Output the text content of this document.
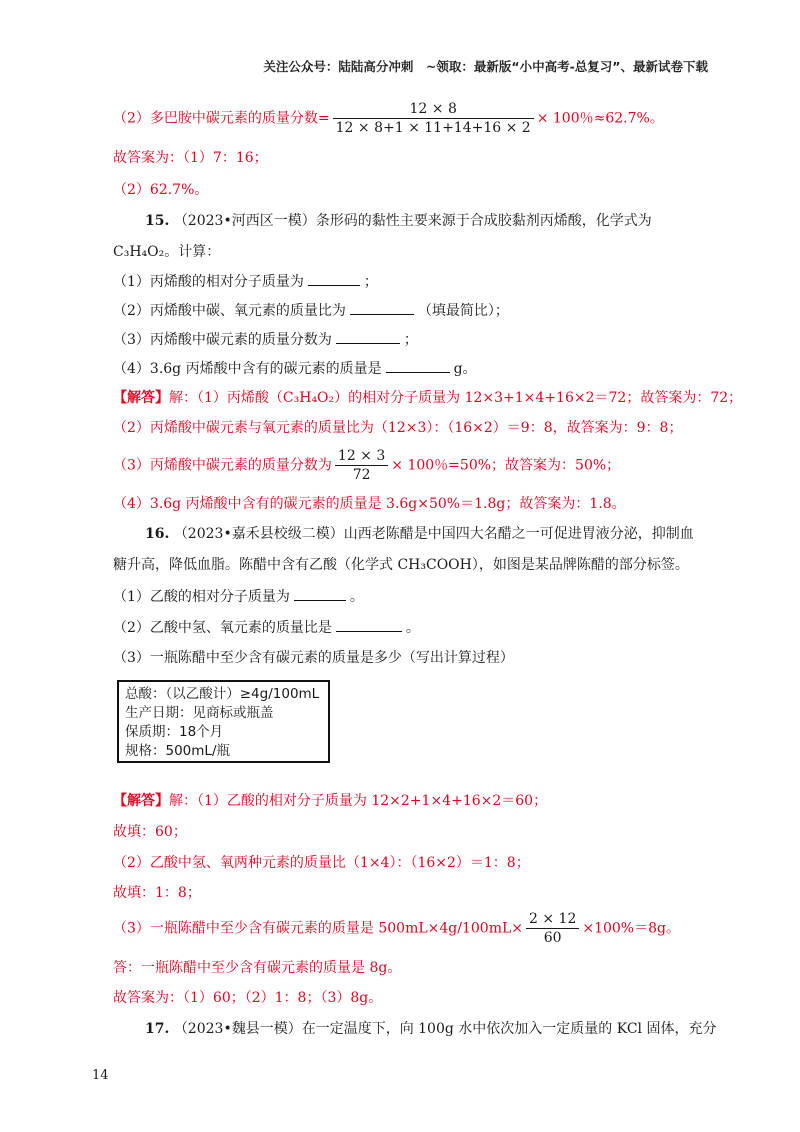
关注公众号：陆陆高分冲刺　~领取：最新版“小中高考-总复习”、最新试卷下载
（2）多巴胺中碳元素的质量分数= $\frac{12 \times 8}{12 \times 8+1 \times 11+14+16 \times 2} \times 100$％≈62.7%。
故答案为：（1）7：16；
（2）62.7%。
15. （2023•河西区一模）条形码的黏性主要来源于合成胶黏剂丙烯酸，化学式为
C₃H₄O₂。计算：
（1）丙烯酸的相对分子质量为	；
（2）丙烯酸中碳、氧元素的质量比为	（填最简比）；
（3）丙烯酸中碳元素的质量分数为	；
（4）3.6g 丙烯酸中含有的碳元素的质量是	g。
【解答】解：（1）丙烯酸（C₃H₄O₂）的相对分子质量为 12×3+1×4+16×2＝72；故答案为：72；
（2）丙烯酸中碳元素与氧元素的质量比为（12×3）：（16×2）＝9：8，故答案为：9：8；
（3）丙烯酸中碳元素的质量分数为 $\frac{12 \times 3}{72} \times 100$％=50%；故答案为：50%；
（4）3.6g 丙烯酸中含有的碳元素的质量是 3.6g×50%＝1.8g；故答案为：1.8。
16. （2023•嘉禾县校级二模）山西老陈醋是中国四大名醋之一可促进胃液分泌，抑制血
糖升高，降低血脂。陈醋中含有乙酸（化学式 CH₃COOH），如图是某品牌陈醋的部分标签。
（1）乙酸的相对分子质量为	。
（2）乙酸中氢、氧元素的质量比是	。
（3）一瓶陈醋中至少含有碳元素的质量是多少（写出计算过程）
总酸：（以乙酸计）≥4g/100mL
生产日期：见商标或瓶盖
保质期：18个月
规格：500mL/瓶
【解答】解：（1）乙酸的相对分子质量为 12×2+1×4+16×2＝60；
故填：60；
（2）乙酸中氢、氧两种元素的质量比（1×4）：（16×2）＝1：8；
故填：1：8；
（3）一瓶陈醋中至少含有碳元素的质量是 $500mL\times 4g/100mL\times \frac{2 \times 12}{60} \times 100\%=8g$。
答：一瓶陈醋中至少含有碳元素的质量是 8g。
故答案为：（1）60；（2）1：8；（3）8g。
17. （2023•魏县一模）在一定温度下，向 100g 水中依次加入一定质量的 KCl 固体，充分
14
